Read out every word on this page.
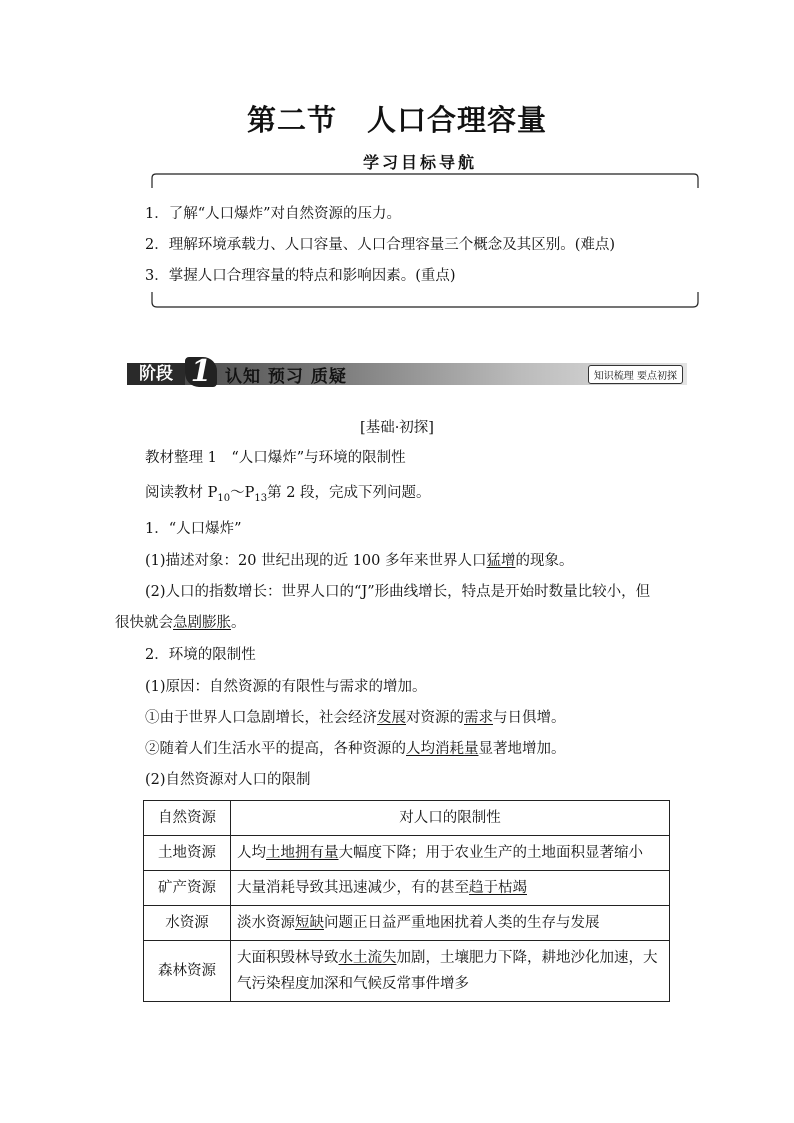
第二节 人口合理容量
学习目标导航
1．了解“人口爆炸”对自然资源的压力。
2．理解环境承载力、人口容量、人口合理容量三个概念及其区别。(难点)
3．掌握人口合理容量的特点和影响因素。(重点)
阶段 1 认知 预习 质疑	知识梳理 要点初探
[基础·初探]
教材整理 1　“人口爆炸”与环境的限制性
阅读教材 $P_{10}\sim P_{13}$第 2 段，完成下列问题。
1．“人口爆炸”
(1)描述对象：20 世纪出现的近 100 多年来世界人口猛增的现象。
(2)人口的指数增长：世界人口的“J”形曲线增长，特点是开始时数量比较小，但
很快就会急剧膨胀。
2．环境的限制性
(1)原因：自然资源的有限性与需求的增加。
①由于世界人口急剧增长，社会经济发展对资源的需求与日俱增。
②随着人们生活水平的提高，各种资源的人均消耗量显著地增加。
(2)自然资源对人口的限制
自然资源	对人口的限制性
土地资源	人均土地拥有量大幅度下降；用于农业生产的土地面积显著缩小
矿产资源	大量消耗导致其迅速减少，有的甚至趋于枯竭
水资源	淡水资源短缺问题正日益严重地困扰着人类的生存与发展
森林资源	大面积毁林导致水土流失加剧，土壤肥力下降，耕地沙化加速，大气污染程度加深和气候反常事件增多
